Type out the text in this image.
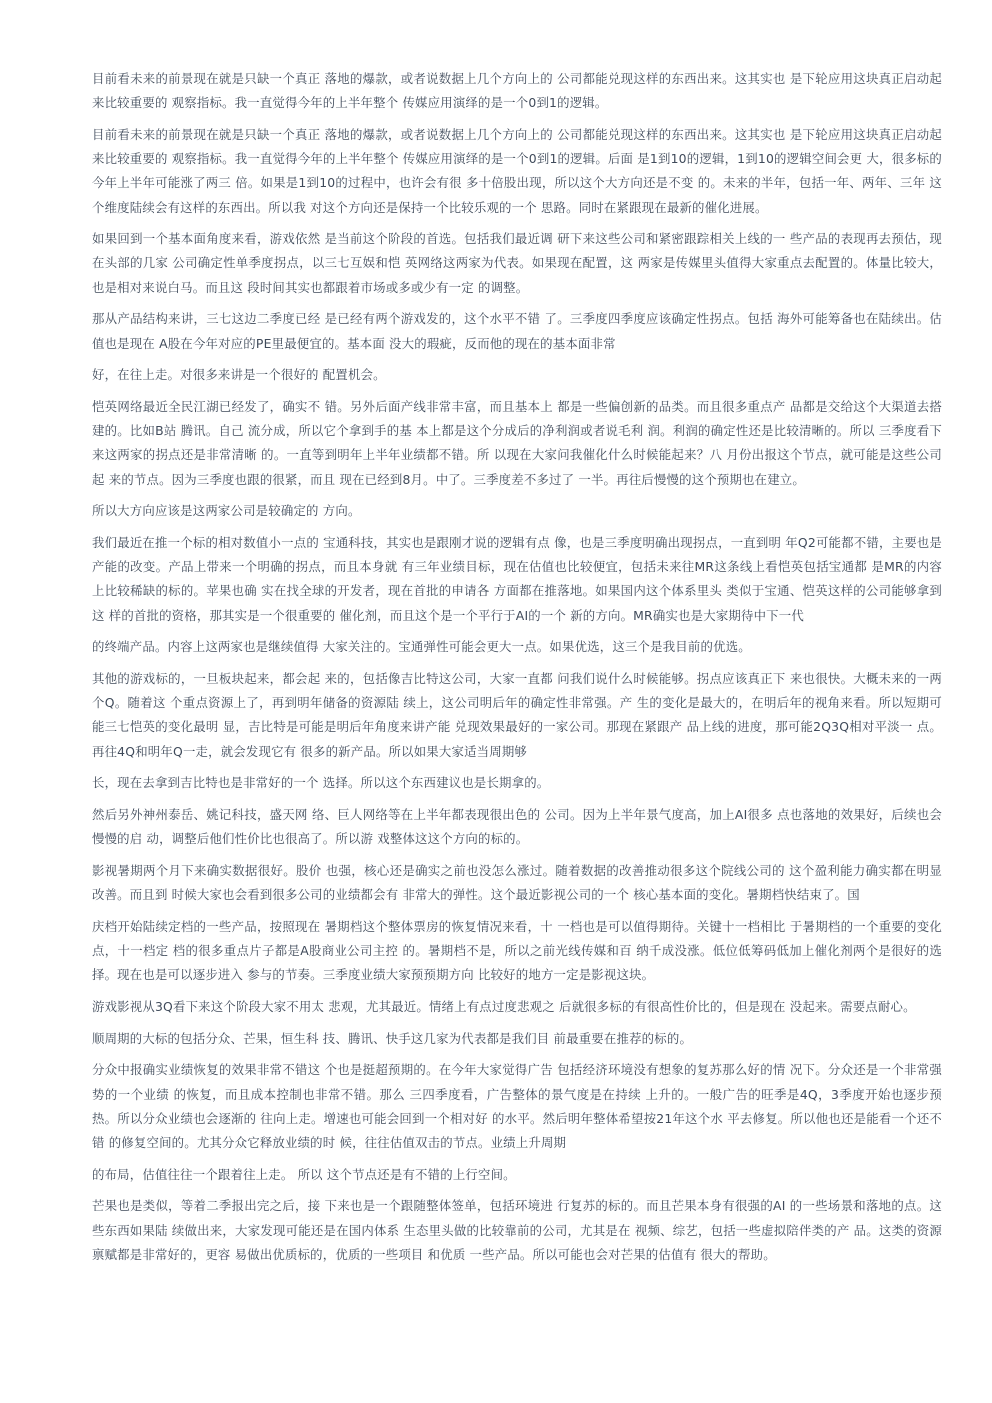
目前看未来的前景现在就是只缺一个真正 落地的爆款，或者说数据上几个方向上的 公司都能兑现这样的东西出来。这其实也 是下轮应用这块真正启动起来比较重要的 观察指标。我一直觉得今年的上半年整个 传媒应用演绎的是一个0到1的逻辑。

目前看未来的前景现在就是只缺一个真正 落地的爆款，或者说数据上几个方向上的 公司都能兑现这样的东西出来。这其实也 是下轮应用这块真正启动起来比较重要的 观察指标。我一直觉得今年的上半年整个 传媒应用演绎的是一个0到1的逻辑。后面 是1到10的逻辑，1到10的逻辑空间会更 大，很多标的今年上半年可能涨了两三 倍。如果是1到10的过程中，也许会有很 多十倍股出现，所以这个大方向还是不变 的。未来的半年，包括一年、两年、三年 这个维度陆续会有这样的东西出。所以我 对这个方向还是保持一个比较乐观的一个 思路。同时在紧跟现在最新的催化进展。

如果回到一个基本面角度来看，游戏依然 是当前这个阶段的首选。包括我们最近调 研下来这些公司和紧密跟踪相关上线的一 些产品的表现再去预估，现在头部的几家 公司确定性单季度拐点，以三七互娱和恺 英网络这两家为代表。如果现在配置，这 两家是传媒里头值得大家重点去配置的。体量比较大，也是相对来说白马。而且这 段时间其实也都跟着市场或多或少有一定 的调整。

那从产品结构来讲，三七这边二季度已经 是已经有两个游戏发的，这个水平不错 了。三季度四季度应该确定性拐点。包括 海外可能筹备也在陆续出。估值也是现在 A股在今年对应的PE里最便宜的。基本面 没大的瑕疵，反而他的现在的基本面非常

好，在往上走。对很多来讲是一个很好的 配置机会。

恺英网络最近全民江湖已经发了，确实不 错。另外后面产线非常丰富，而且基本上 都是一些偏创新的品类。而且很多重点产 品都是交给这个大渠道去搭建的。比如B站 腾讯。自己 流分成，所以它个拿到手的基 本上都是这个分成后的净利润或者说毛利 润。利润的确定性还是比较清晰的。所以 三季度看下来这两家的拐点还是非常清晰 的。一直等到明年上半年业绩都不错。所 以现在大家问我催化什么时候能起来？八 月份出报这个节点，就可能是这些公司起 来的节点。因为三季度也跟的很紧，而且 现在已经到8月。中了。三季度差不多过了 一半。再往后慢慢的这个预期也在建立。

所以大方向应该是这两家公司是较确定的 方向。

我们最近在推一个标的相对数值小一点的 宝通科技，其实也是跟刚才说的逻辑有点 像，也是三季度明确出现拐点，一直到明 年Q2可能都不错，主要也是产能的改变。产品上带来一个明确的拐点，而且本身就 有三年业绩目标，现在估值也比较便宜，包括未来往MR这条线上看恺英包括宝通都 是MR的内容上比较稀缺的标的。苹果也确 实在找全球的开发者，现在首批的申请各 方面都在推落地。如果国内这个体系里头 类似于宝通、恺英这样的公司能够拿到这 样的首批的资格，那其实是一个很重要的 催化剂，而且这个是一个平行于AI的一个 新的方向。MR确实也是大家期待中下一代

的终端产品。内容上这两家也是继续值得 大家关注的。宝通弹性可能会更大一点。如果优选，这三个是我目前的优选。

其他的游戏标的，一旦板块起来，都会起 来的，包括像吉比特这公司，大家一直都 问我们说什么时候能够。拐点应该真正下 来也很快。大概未来的一两个Q。随着这 个重点资源上了，再到明年储备的资源陆 续上，这公司明后年的确定性非常强。产 生的变化是最大的，在明后年的视角来看。所以短期可能三七恺英的变化最明 显，吉比特是可能是明后年角度来讲产能 兑现效果最好的一家公司。那现在紧跟产 品上线的进度，那可能2Q3Q相对平淡一 点。再往4Q和明年Q一走，就会发现它有 很多的新产品。所以如果大家适当周期够

长，现在去拿到吉比特也是非常好的一个 选择。所以这个东西建议也是长期拿的。

然后另外神州泰岳、姚记科技，盛天网 络、巨人网络等在上半年都表现很出色的 公司。因为上半年景气度高，加上AI很多 点也落地的效果好，后续也会慢慢的启 动，调整后他们性价比也很高了。所以游 戏整体这这个方向的标的。

影视暑期两个月下来确实数据很好。股价 也强，核心还是确实之前也没怎么涨过。随着数据的改善推动很多这个院线公司的 这个盈利能力确实都在明显改善。而且到 时候大家也会看到很多公司的业绩都会有 非常大的弹性。这个最近影视公司的一个 核心基本面的变化。暑期档快结束了。国

庆档开始陆续定档的一些产品，按照现在 暑期档这个整体票房的恢复情况来看，十 一档也是可以值得期待。关键十一档相比 于暑期档的一个重要的变化点，十一档定 档的很多重点片子都是A股商业公司主控 的。暑期档不是，所以之前光线传媒和百 纳千成没涨。低位低筹码低加上催化剂两个是很好的选择。现在也是可以逐步进入 参与的节奏。三季度业绩大家预预期方向 比较好的地方一定是影视这块。

游戏影视从3Q看下来这个阶段大家不用太 悲观，尤其最近。情绪上有点过度悲观之 后就很多标的有很高性价比的，但是现在 没起来。需要点耐心。

顺周期的大标的包括分众、芒果，恒生科 技、腾讯、快手这几家为代表都是我们目 前最重要在推荐的标的。

分众中报确实业绩恢复的效果非常不错这 个也是挺超预期的。在今年大家觉得广告 包括经济环境没有想象的复苏那么好的情 况下。分众还是一个非常强势的一个业绩 的恢复，而且成本控制也非常不错。那么 三四季度看，广告整体的景气度是在持续 上升的。一般广告的旺季是4Q，3季度开始也逐步预热。所以分众业绩也会逐渐的 往向上走。增速也可能会回到一个相对好 的水平。然后明年整体希望按21年这个水 平去修复。所以他也还是能看一个还不错 的修复空间的。尤其分众它释放业绩的时 候，往往估值双击的节点。业绩上升周期

的布局，估值往往一个跟着往上走。 所以 这个节点还是有不错的上行空间。

芒果也是类似，等着二季报出完之后，接 下来也是一个跟随整体签单，包括环境进 行复苏的标的。而且芒果本身有很强的AI 的一些场景和落地的点。这些东西如果陆 续做出来，大家发现可能还是在国内体系 生态里头做的比较靠前的公司，尤其是在 视频、综艺，包括一些虚拟陪伴类的产 品。这类的资源禀赋都是非常好的，更容 易做出优质标的，优质的一些项目 和优质 一些产品。所以可能也会对芒果的估值有 很大的帮助。
